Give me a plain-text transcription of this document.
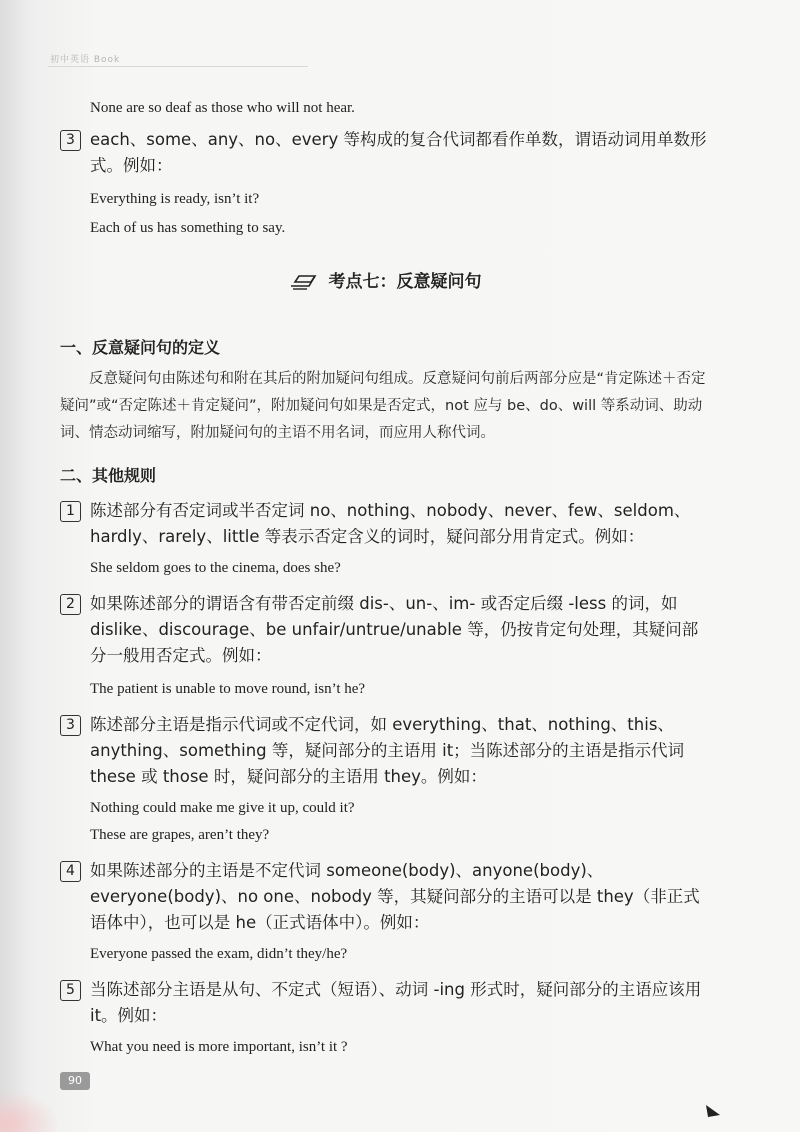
初中英语 Book
None are so deaf as those who will not hear.
3 each、some、any、no、every 等构成的复合代词都看作单数，谓语动词用单数形式。例如：
Everything is ready, isn’t it?
Each of us has something to say.
考点七：反意疑问句
一、反意疑问句的定义
反意疑问句由陈述句和附在其后的附加疑问句组成。反意疑问句前后两部分应是“肯定陈述＋否定疑问”或“否定陈述＋肯定疑问”，附加疑问句如果是否定式，not 应与 be、do、will 等系动词、助动词、情态动词缩写，附加疑问句的主语不用名词，而应用人称代词。
二、其他规则
1 陈述部分有否定词或半否定词 no、nothing、nobody、never、few、seldom、hardly、rarely、little 等表示否定含义的词时，疑问部分用肯定式。例如：
She seldom goes to the cinema, does she?
2 如果陈述部分的谓语含有带否定前缀 dis-、un-、im- 或否定后缀 -less 的词，如 dislike、discourage、be unfair/untrue/unable 等，仍按肯定句处理，其疑问部分一般用否定式。例如：
The patient is unable to move round, isn’t he?
3 陈述部分主语是指示代词或不定代词，如 everything、that、nothing、this、anything、something 等，疑问部分的主语用 it；当陈述部分的主语是指示代词 these 或 those 时，疑问部分的主语用 they。例如：
Nothing could make me give it up, could it?
These are grapes, aren’t they?
4 如果陈述部分的主语是不定代词 someone(body)、anyone(body)、everyone(body)、no one、nobody 等，其疑问部分的主语可以是 they（非正式语体中），也可以是 he（正式语体中）。例如：
Everyone passed the exam, didn’t they/he?
5 当陈述部分主语是从句、不定式（短语）、动词 -ing 形式时，疑问部分的主语应该用 it。例如：
What you need is more important, isn’t it ?
90
